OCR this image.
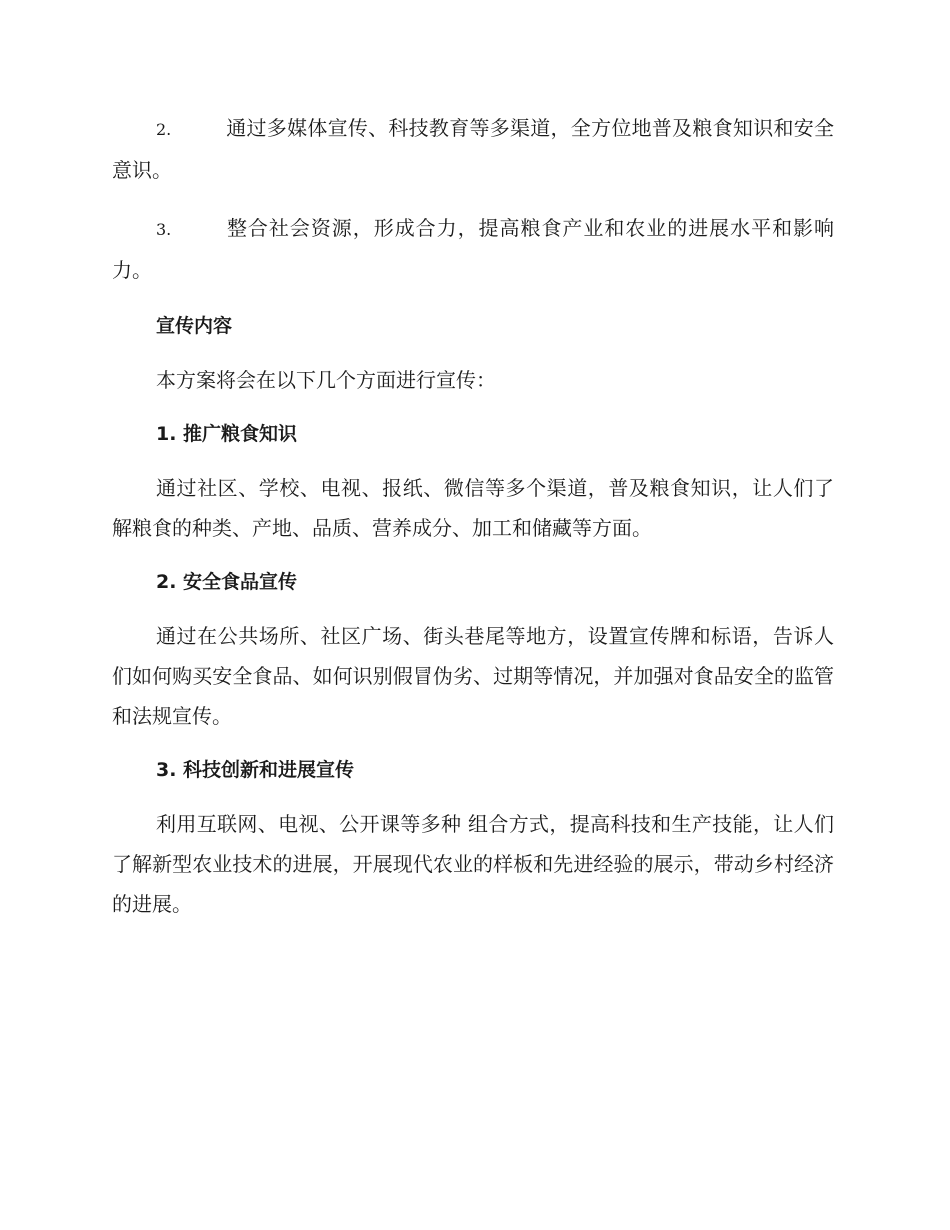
2.	通过多媒体宣传、科技教育等多渠道，全方位地普及粮食知识和安全意识。

3.	整合社会资源，形成合力，提高粮食产业和农业的进展水平和影响力。

宣传内容

本方案将会在以下几个方面进行宣传：

1. 推广粮食知识

通过社区、学校、电视、报纸、微信等多个渠道，普及粮食知识，让人们了解粮食的种类、产地、品质、营养成分、加工和储藏等方面。

2. 安全食品宣传

通过在公共场所、社区广场、街头巷尾等地方，设置宣传牌和标语，告诉人们如何购买安全食品、如何识别假冒伪劣、过期等情况，并加强对食品安全的监管和法规宣传。

3. 科技创新和进展宣传

利用互联网、电视、公开课等多种 组合方式，提高科技和生产技能，让人们了解新型农业技术的进展，开展现代农业的样板和先进经验的展示，带动乡村经济的进展。
